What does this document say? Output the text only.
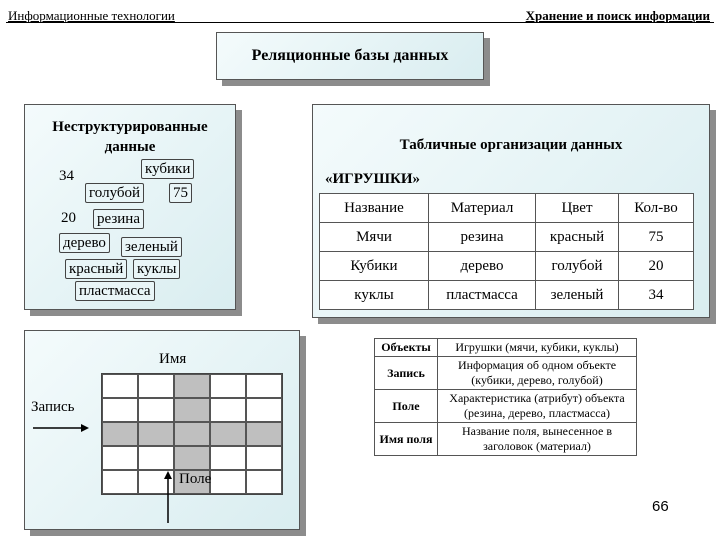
Информационные технологии	Хранение и поиск информации
Реляционные базы данных
Неструктурированные
данные
34	кубики
голубой 75
20 резина
дерево зеленый
красный куклы
пластмасса
Табличные организации данных
«ИГРУШКИ»
Название	Материал	Цвет	Кол-во
Мячи	резина	красный	75
Кубики	дерево	голубой	20
куклы	пластмасса	зеленый	34
Имя
Запись
Поле
Объекты	Игрушки (мячи, кубики, куклы)
Запись	Информация об одном объекте (кубики, дерево, голубой)
Поле	Характеристика (атрибут) объекта (резина, дерево, пластмасса)
Имя поля	Название поля, вынесенное в заголовок (материал)
66
